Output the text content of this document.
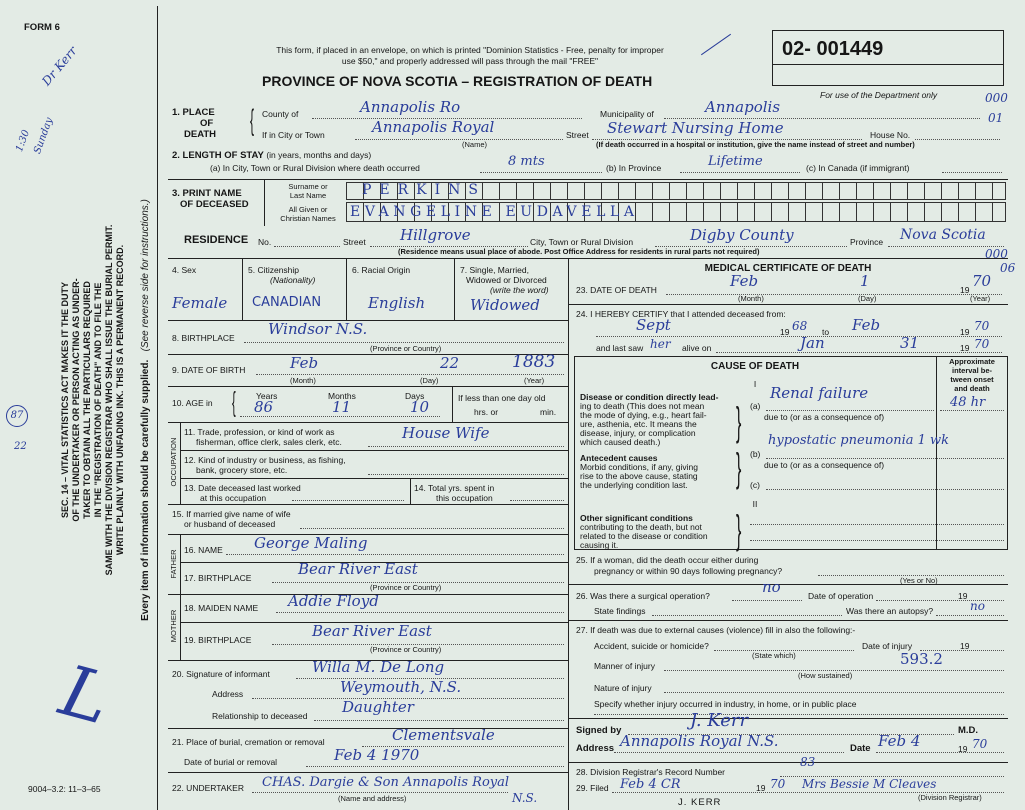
FORM 6
Dr Kerr
1:30 Sunday
87
22
L
SEC. 14 – VITAL STATISTICS ACT MAKES IT THE DUTY OF THE UNDERTAKER OR PERSON ACTING AS UNDER- TAKER TO OBTAIN ALL THE PARTICULARS REQUIRED IN THE "REGISTRATION OF DEATH" AND TO FILE THE SAME WITH THE DIVISION REGISTRAR WHO SHALL ISSUE THE BURIAL PERMIT. WRITE PLAINLY WITH UNFADING INK. THIS IS A PERMANENT RECORD. Every item of information should be carefully supplied.   (See reverse side for instructions.)
9004–3.2: 11–3–65
This form, if placed in an envelope, on which is printed "Dominion Statistics - Free, penalty for improper
use $50," and properly addressed will pass through the mail "FREE"
PROVINCE OF NOVA SCOTIA – REGISTRATION OF DEATH
02- 001449
For use of the Department only	000
01
000
06
1. PLACE
OF
DEATH { County of	Annapolis Ro	Municipality of	Annapolis
If in City or Town	Annapolis Royal	Street Stewart Nursing Home	House No.
(Name)	(If death occurred in a hospital or institution, give the name instead of street and number)
2. LENGTH OF STAY (in years, months and days)
(a) In City, Town or Rural Division where death occurred	8 mts	(b) In Province	Lifetime	(c) In Canada (if immigrant)
3. PRINT NAME
OF DECEASED
Surname or
Last Name
All Given or
Christian Names
PERKINS
EVANGELINE EUDAVELLA
RESIDENCE No.	Street Hillgrove	City, Town or Rural Division	Digby County	Province Nova Scotia
(Residence means usual place of abode. Post Office Address for residents in rural parts not required)
4. Sex	5. Citizenship
(Nationality)
6. Racial Origin	7. Single, Married,
Widowed or Divorced
(write the word)
Female CANADIAN	English	Widowed
8. BIRTHPLACE Windsor N.S.
(Province or Country)
9. DATE OF BIRTH	Feb	22	1883
(Month)	(Day)	(Year)
10. AGE in { Years	Months	Days
86	11	10	If less than one day old
hrs. or	min.
OCCUPATION
11. Trade, profession, or kind of work as
fisherman, office clerk, sales clerk, etc.	House Wife
12. Kind of industry or business, as fishing,
bank, grocery store, etc.
13. Date deceased last worked
at this occupation
14. Total yrs. spent in
this occupation
15. If married give name of wife
or husband of deceased
FATHER
MOTHER
16. NAME George Maling
17. BIRTHPLACE	Bear River East
(Province or Country)
18. MAIDEN NAME Addie Floyd
19. BIRTHPLACE	Bear River East
(Province or Country)
20. Signature of informant	Willa M. De Long
Address	Weymouth, N.S.
Relationship to deceased Daughter
21. Place of burial, cremation or removal	Clementsvale
Date of burial or removal	Feb 4 1970
22. UNDERTAKER CHAS. Dargie & Son Annapolis Royal
N.S.
(Name and address)
MEDICAL CERTIFICATE OF DEATH
23. DATE OF DEATH	Feb	1	19 70
(Month)	(Day)	(Year)
24. I HEREBY CERTIFY that I attended deceased from:
Sept	19 68 to Feb	19 70
and last saw her alive on	Jan	31	19 70
CAUSE OF DEATH	Approximate
interval be-
tween onset
and death
I
Disease or condition directly lead-
ing to death (This does not mean
the mode of dying, e.g., heart fail-
ure, asthenia, etc. It means the
disease, injury, or complication
which caused death.)
(a)
Renal failure
48 hr
due to (or as a consequence of)
}
Antecedent causes
Morbid conditions, if any, giving
rise to the above cause, stating
the underlying condition last.
(b)
hypostatic pneumonia 1 wk
due to (or as a consequence of)
(c)
}
II
Other significant conditions
contributing to the death, but not
related to the disease or condition
causing it.	}
25. If a woman, did the death occur either during
pregnancy or within 90 days following pregnancy?
(Yes or No)
26. Was there a surgical operation?	no	Date of operation	19
State findings	Was there an autopsy?	no
27. If death was due to external causes (violence) fill in also the following:-
Accident, suicide or homicide?
(State which)
Date of injury	19
Manner of injury	593.2
(How sustained)
Nature of injury
Specify whether injury occurred in industry, in home, or in public place
Signed by	J. Kerr	M.D.
Address Annapolis Royal N.S.	Date Feb 4	19 70
28. Division Registrar's Record Number
83
29. Filed Feb 4 CR	19 70 Mrs Bessie M Cleaves
(Division Registrar)
J. KERR
